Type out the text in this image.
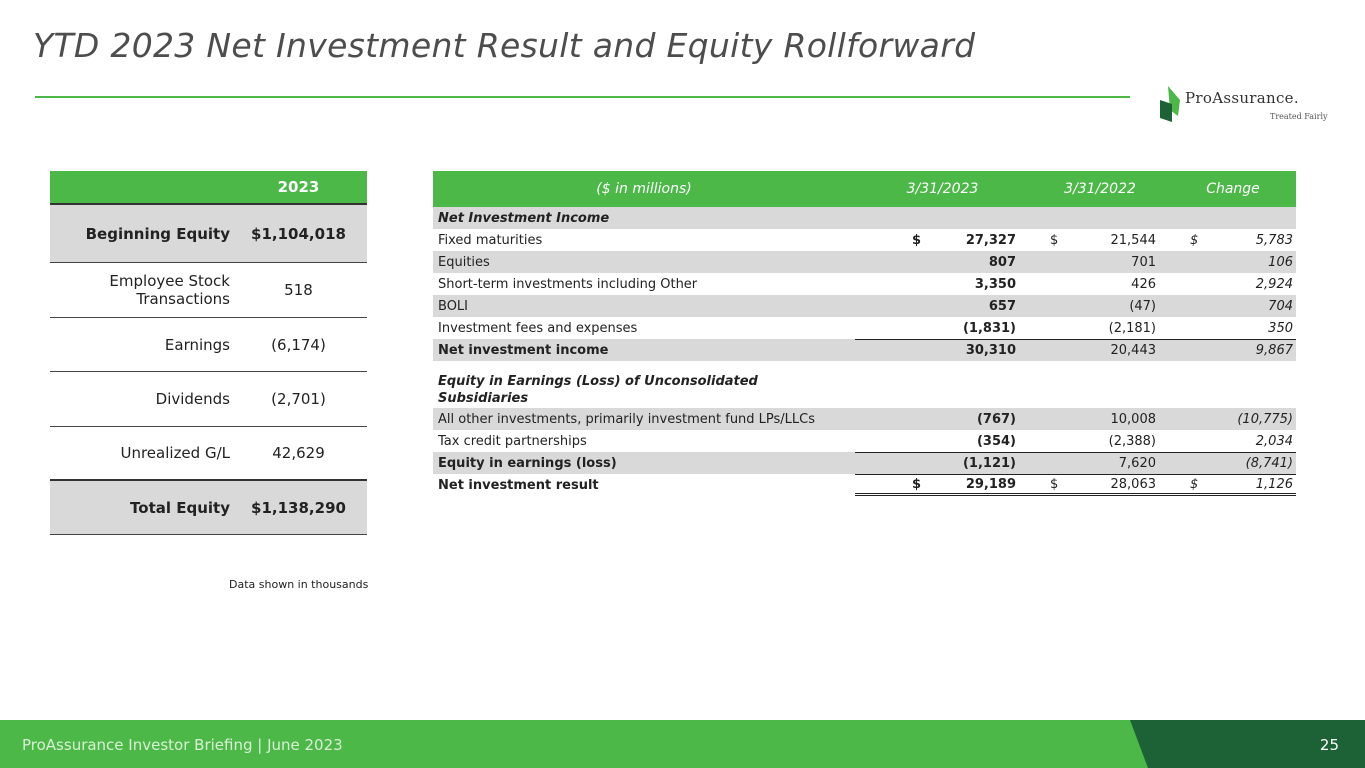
YTD 2023 Net Investment Result and Equity Rollforward
ProAssurance.
Treated Fairly
2023
Beginning Equity	$1,104,018
Employee Stock Transactions	518
Earnings	(6,174)
Dividends	(2,701)
Unrealized G/L	42,629
Total Equity	$1,138,290
Data shown in thousands
($ in millions)	3/31/2023	3/31/2022	Change
Net Investment Income
Fixed maturities	$	27,327	$	21,544	$	5,783
Equities	807	701	106
Short-term investments including Other	3,350	426	2,924
BOLI	657	(47)	704
Investment fees and expenses	(1,831)	(2,181)	350
Net investment income	30,310	20,443	9,867
Equity in Earnings (Loss) of Unconsolidated Subsidiaries
All other investments, primarily investment fund LPs/LLCs	(767)	10,008	(10,775)
Tax credit partnerships	(354)	(2,388)	2,034
Equity in earnings (loss)	(1,121)	7,620	(8,741)
Net investment result	$	29,189	$	28,063	$	1,126
ProAssurance Investor Briefing | June 2023	25
